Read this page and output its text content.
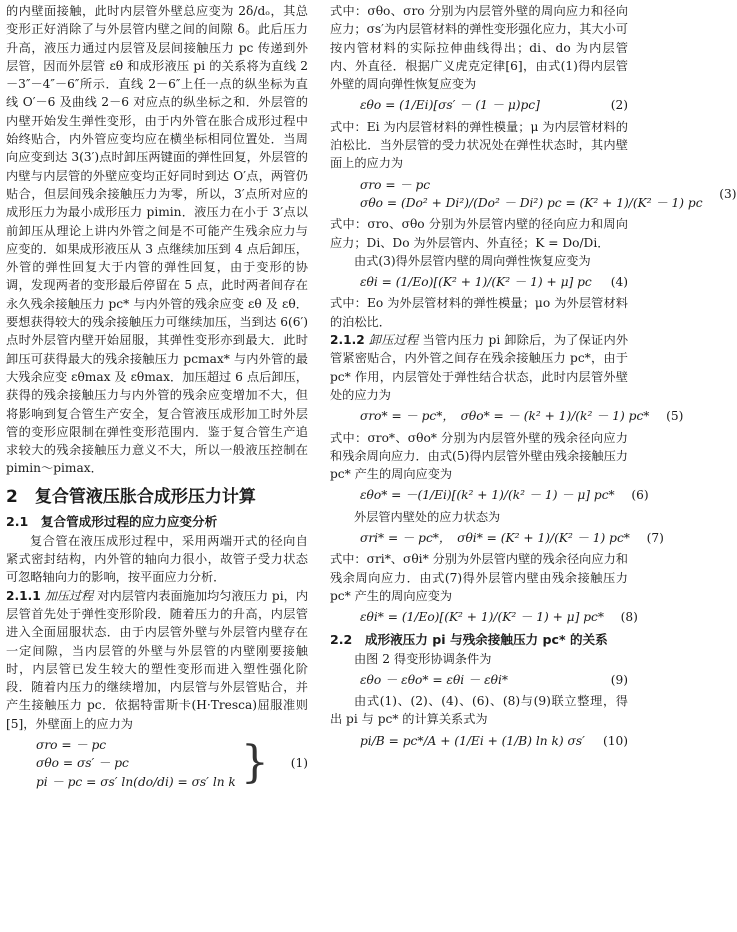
的内壁面接触，此时内层管外壁总应变为 2δ/dₒ，其总变形正好消除了与外层管内壁之间的间隙 δ。此后压力升高，液压力通过内层管及层间接触压力 pc 传递到外层管，因而外层管 εθ 和成形液压 pi 的关系将为直线 2－3″－4″－6″所示．直线 2－6″上任一点的纵坐标为直线 O′－6 及曲线 2－6 对应点的纵坐标之和．外层管的内壁开始发生弹性变形，由于内外管在胀合成形过程中始终贴合，内外管应变均应在横坐标相同位置处．当周向应变到达 3(3′)点时卸压两键面的弹性回复，外层管的内壁与内层管的外壁应变均正好同时到达 O′点，两管仍贴合，但层间残余接触压力为零，所以，3′点所对应的成形压力为最小成形压力 pimin．液压力在小于 3′点以前卸压从理论上讲内外管之间是不可能产生残余应力与应变的．如果成形液压从 3 点继续加压到 4 点后卸压，外管的弹性回复大于内管的弹性回复，由于变形的协调，发现两者的变形最后停留在 5 点，此时两者间存在永久残余接触压力 pc* 与内外管的残余应变 εθ 及 εθ．要想获得较大的残余接触压力可继续加压，当到达 6(6′)点时外层管内壁开始屈服，其弹性变形亦到最大．此时卸压可获得最大的残余接触压力 pcmax* 与内外管的最大残余应变 εθmax 及 εθmax．加压超过 6 点后卸压，获得的残余接触压力与内外管的残余应变增加不大，但将影响到复合管生产安全，复合管液压成形加工时外层管的变形应限制在弹性变形范围内．鉴于复合管生产追求较大的残余接触压力意义不大，所以一般液压控制在 pimin～pimax．

2　复合管液压胀合成形压力计算
2.1　复合管成形过程的应力应变分析

复合管在液压成形过程中，采用两端开式的径向自紧式密封结构，内外管的轴向力很小，故管子受力状态可忽略轴向力的影响，按平面应力分析．

2.1.1 加压过程 对内层管内表面施加均匀液压力 pi，内层管首先处于弹性变形阶段．随着压力的升高，内层管进入全面屈服状态．由于内层管外壁与外层管内壁存在一定间隙，当内层管的外壁与外层管的内壁刚要接触时，内层管已发生较大的塑性变形而进入塑性强化阶段．随着内压力的继续增加，内层管与外层管贴合，并产生接触压力 pc．依据特雷斯卡(H·Tresca)屈服准则[5]，外壁面上的应力为

σro = － pc
σθo = σs′ － pc
pi － pc = σs′ ln(do/di) = σs′ ln k }	(1)

式中：σθo、σro 分别为内层管外壁的周向应力和径向应力；σs′为内层管材料的弹性变形强化应力，其大小可按内管材料的实际拉伸曲线得出；di、do 为内层管内、外直径．根据广义虎克定律[6]，由式(1)得内层管外壁的周向弹性恢复应变为

εθo = (1/Ei)[σs′ － (1 － μ)pc]	(2)

式中：Ei 为内层管材料的弹性模量；μ 为内层管材料的泊松比．当外层管的受力状况处在弹性状态时，其内壁面上的应力为

σro = － pc
σθo = (Do² + Di²)/(Do² － Di²) pc = (K² + 1)/(K² － 1) pc
(3)

式中：σro、σθo 分别为外层管内壁的径向应力和周向应力；Di、Do 为外层管内、外直径；K = Do/Di．

由式(3)得外层管内壁的周向弹性恢复应变为

εθi = (1/Eo)[(K² + 1)/(K² － 1) + μ] pc	(4)

式中：Eo 为外层管材料的弹性模量；μo 为外层管材料的泊松比．

2.1.2 卸压过程 当管内压力 pi 卸除后，为了保证内外管紧密贴合，内外管之间存在残余接触压力 pc*，由于 pc* 作用，内层管处于弹性结合状态，此时内层管外壁处的应力为

σro* = － pc*，　σθo* = － (k² + 1)/(k² － 1) pc*	(5)

式中：σro*、σθo* 分别为内层管外壁的残余径向应力和残余周向应力．由式(5)得内层管外壁由残余接触压力 pc* 产生的周向应变为

εθo* = －(1/Ei)[(k² + 1)/(k² － 1) － μ] pc*	(6)

外层管内壁处的应力状态为

σri* = － pc*，　σθi* = (K² + 1)/(K² － 1) pc*	(7)

式中：σri*、σθi* 分别为外层管内壁的残余径向应力和残余周向应力．由式(7)得外层管内壁由残余接触压力 pc* 产生的周向应变为

εθi* = (1/Eo)[(K² + 1)/(K² － 1) + μ] pc*	(8)
2.2　成形液压力 pi 与残余接触压力 pc* 的关系

由图 2 得变形协调条件为

εθo － εθo* = εθi － εθi*	(9)

由式(1)、(2)、(4)、(6)、(8)与(9)联立整理，得出 pi 与 pc* 的计算关系式为

pi/B = pc*/A + (1/Ei + (1/B) ln k) σs′	(10)
